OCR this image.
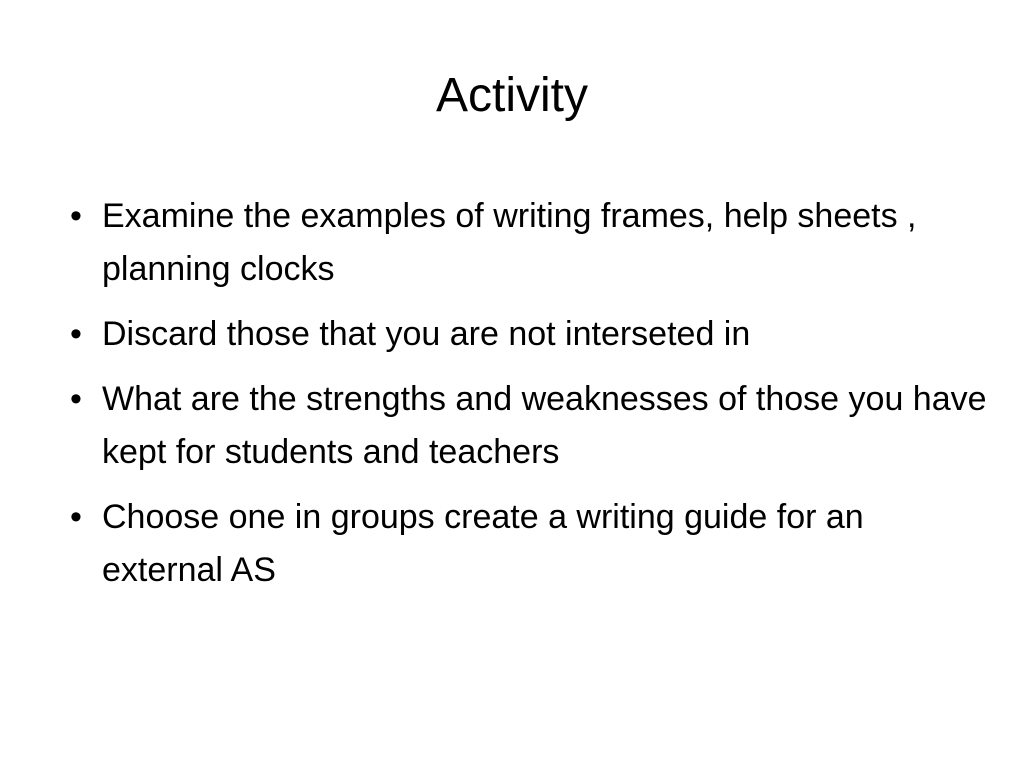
Activity
• Examine the examples of writing frames, help sheets , planning clocks
• Discard those that you are not interseted in
• What are the strengths and weaknesses of those you have kept for students and teachers
• Choose one in groups create a writing guide for an external AS
